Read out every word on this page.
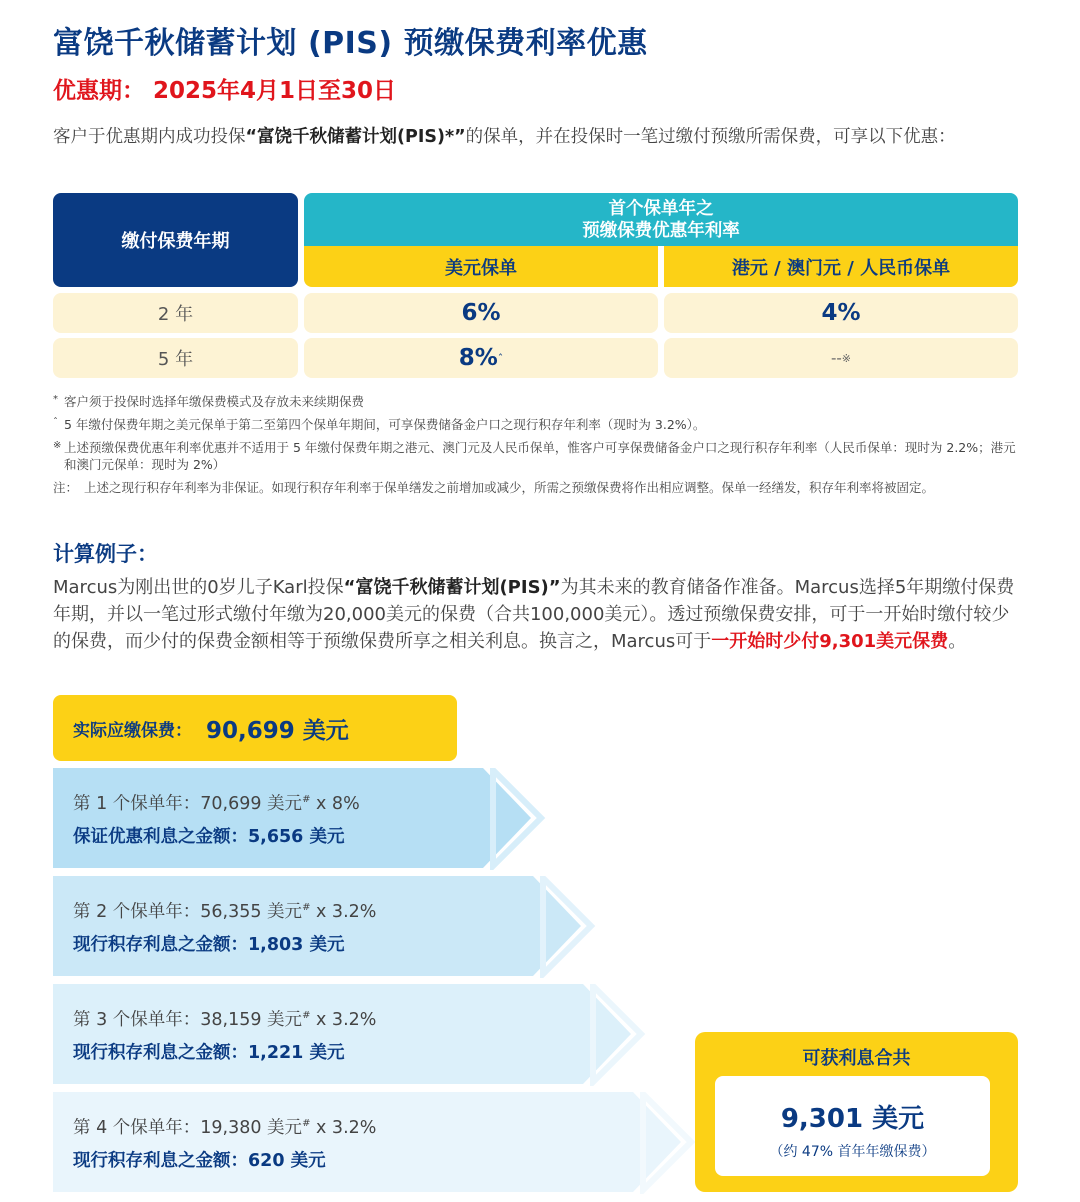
富饶千秋储蓄计划 (PIS) 预缴保费利率优惠
优惠期： 2025年4月1日至30日
客户于优惠期内成功投保“富饶千秋储蓄计划(PIS)*”的保单，并在投保时一笔过缴付预缴所需保费，可享以下优惠：
缴付保费年期
首个保单年之
预缴保费优惠年利率
美元保单	港元 / 澳门元 / 人民币保单
2 年	6%	4%
5 年	8% ˆ	-- ※
* 客户须于投保时选择年缴保费模式及存放未来续期保费
ˆ 5 年缴付保费年期之美元保单于第二至第四个保单年期间，可享保费储备金户口之现行积存年利率（现时为 3.2%）。
※ 上述预缴保费优惠年利率优惠并不适用于 5 年缴付保费年期之港元、澳门元及人民币保单，惟客户可享保费储备金户口之现行积存年利率（人民币保单：现时为 2.2%；港元和澳门元保单：现时为 2%）
注： 上述之现行积存年利率为非保证。如现行积存年利率于保单缮发之前增加或减少，所需之预缴保费将作出相应调整。保单一经缮发，积存年利率将被固定。
计算例子：
Marcus为刚出世的0岁儿子Karl投保“富饶千秋储蓄计划(PIS)”为其未来的教育储备作准备。Marcus选择5年期缴付保费年期，并以一笔过形式缴付年缴为20,000美元的保费（合共100,000美元）。透过预缴保费安排，可于一开始时缴付较少的保费，而少付的保费金额相等于预缴保费所享之相关利息。换言之，Marcus可于一开始时少付9,301美元保费。
实际应缴保费： 90,699 美元
第 1 个保单年：70,699 美元# x 8%
保证优惠利息之金额：5,656 美元
第 2 个保单年：56,355 美元# x 3.2%
现行积存利息之金额：1,803 美元
第 3 个保单年：38,159 美元# x 3.2%
现行积存利息之金额：1,221 美元
第 4 个保单年：19,380 美元# x 3.2%
现行积存利息之金额：620 美元
可获利息合共
9,301 美元
（约 47% 首年年缴保费）
